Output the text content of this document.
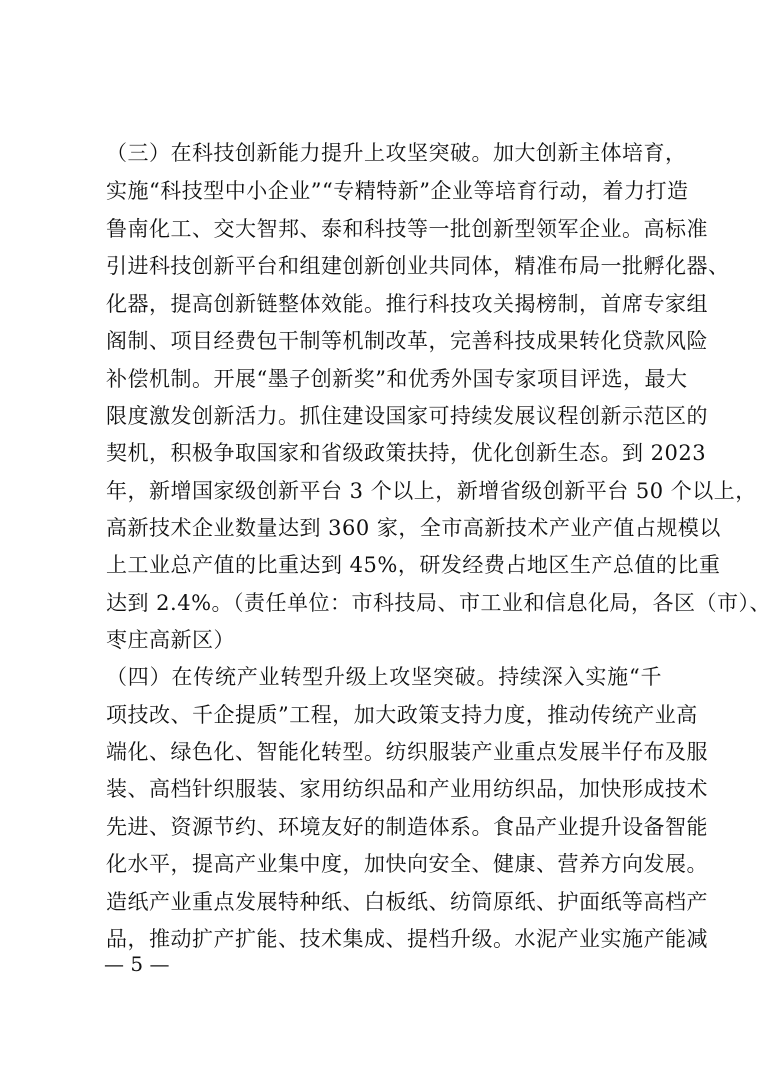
（三）在科技创新能力提升上攻坚突破。加大创新主体培育，
实施“科技型中小企业”“专精特新”企业等培育行动，着力打造
鲁南化工、交大智邦、泰和科技等一批创新型领军企业。高标准
引进科技创新平台和组建创新创业共同体，精准布局一批孵化器、
化器，提高创新链整体效能。推行科技攻关揭榜制，首席专家组
阁制、项目经费包干制等机制改革，完善科技成果转化贷款风险
补偿机制。开展“墨子创新奖”和优秀外国专家项目评选，最大
限度激发创新活力。抓住建设国家可持续发展议程创新示范区的
契机，积极争取国家和省级政策扶持，优化创新生态。到 2023
年，新增国家级创新平台 3 个以上，新增省级创新平台 50 个以上，
高新技术企业数量达到 360 家，全市高新技术产业产值占规模以
上工业总产值的比重达到 45%，研发经费占地区生产总值的比重
达到 2.4%。（责任单位：市科技局、市工业和信息化局，各区（市）、
枣庄高新区）
（四）在传统产业转型升级上攻坚突破。持续深入实施“千
项技改、千企提质”工程，加大政策支持力度，推动传统产业高
端化、绿色化、智能化转型。纺织服装产业重点发展半仔布及服
装、高档针织服装、家用纺织品和产业用纺织品，加快形成技术
先进、资源节约、环境友好的制造体系。食品产业提升设备智能
化水平，提高产业集中度，加快向安全、健康、营养方向发展。
造纸产业重点发展特种纸、白板纸、纺筒原纸、护面纸等高档产
品，推动扩产扩能、技术集成、提档升级。水泥产业实施产能减
— 5 —
